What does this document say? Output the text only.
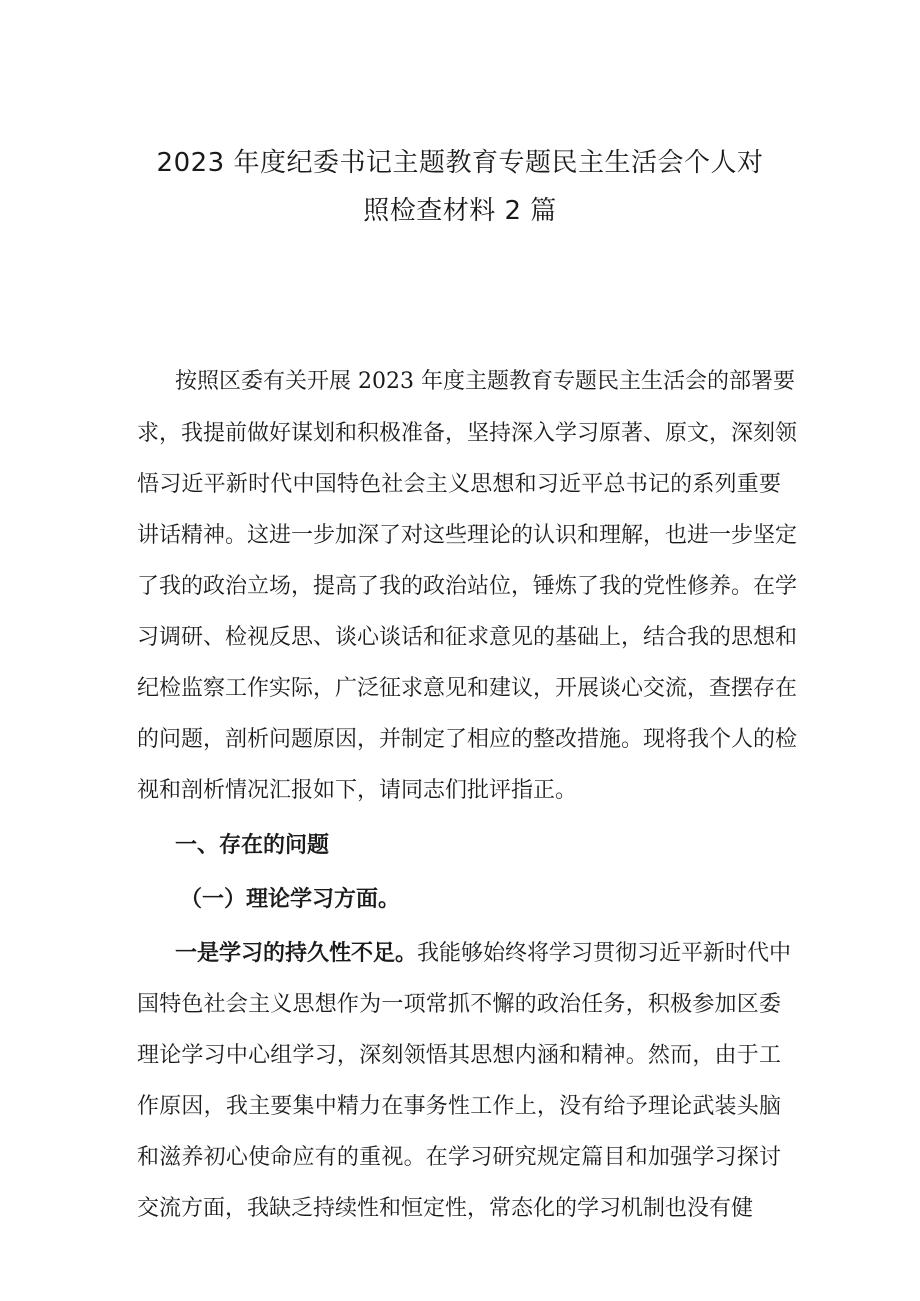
2023 年度纪委书记主题教育专题民主生活会个人对
照检查材料 2 篇
按照区委有关开展 2023 年度主题教育专题民主生活会的部署要
求，我提前做好谋划和积极准备，坚持深入学习原著、原文，深刻领
悟习近平新时代中国特色社会主义思想和习近平总书记的系列重要
讲话精神。这进一步加深了对这些理论的认识和理解，也进一步坚定
了我的政治立场，提高了我的政治站位，锤炼了我的党性修养。在学
习调研、检视反思、谈心谈话和征求意见的基础上，结合我的思想和
纪检监察工作实际，广泛征求意见和建议，开展谈心交流，查摆存在
的问题，剖析问题原因，并制定了相应的整改措施。现将我个人的检
视和剖析情况汇报如下，请同志们批评指正。
一、存在的问题
（一）理论学习方面。
一是学习的持久性不足。我能够始终将学习贯彻习近平新时代中
国特色社会主义思想作为一项常抓不懈的政治任务，积极参加区委
理论学习中心组学习，深刻领悟其思想内涵和精神。然而，由于工
作原因，我主要集中精力在事务性工作上，没有给予理论武装头脑
和滋养初心使命应有的重视。在学习研究规定篇目和加强学习探讨
交流方面，我缺乏持续性和恒定性，常态化的学习机制也没有健
